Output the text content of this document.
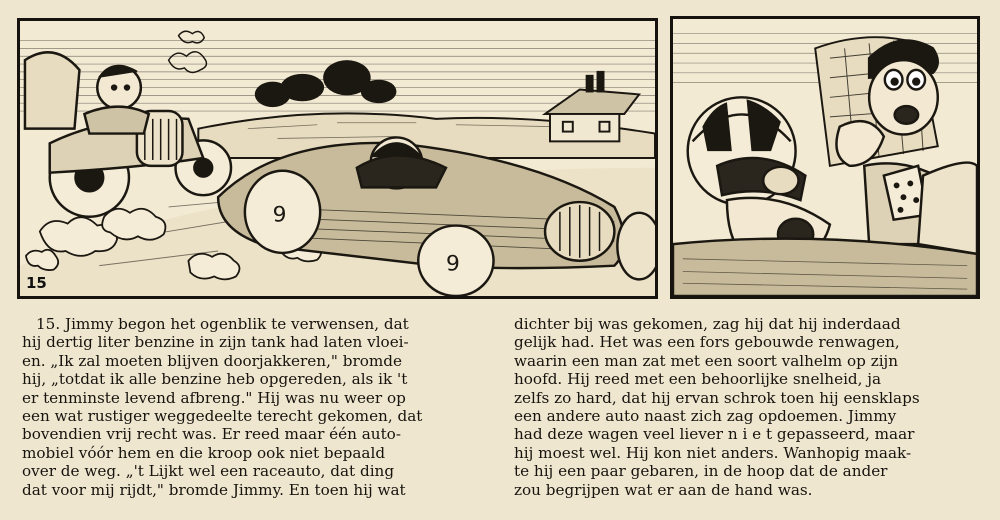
9
9
15
15. Jimmy begon het ogenblik te verwensen, dat
hij dertig liter benzine in zijn tank had laten vloei-
en. „Ik zal moeten blijven doorjakkeren," bromde
hij, „totdat ik alle benzine heb opgereden, als ik 't
er tenminste levend afbreng." Hij was nu weer op
een wat rustiger weggedeelte terecht gekomen, dat
bovendien vrij recht was. Er reed maar één auto-
mobiel vóór hem en die kroop ook niet bepaald
over de weg. „'t Lijkt wel een raceauto, dat ding
dat voor mij rijdt," bromde Jimmy. En toen hij wat
dichter bij was gekomen, zag hij dat hij inderdaad
gelijk had. Het was een fors gebouwde renwagen,
waarin een man zat met een soort valhelm op zijn
hoofd. Hij reed met een behoorlijke snelheid, ja
zelfs zo hard, dat hij ervan schrok toen hij eensklaps
een andere auto naast zich zag opdoemen. Jimmy
had deze wagen veel liever n i e t gepasseerd, maar
hij moest wel. Hij kon niet anders. Wanhopig maak-
te hij een paar gebaren, in de hoop dat de ander
zou begrijpen wat er aan de hand was.
